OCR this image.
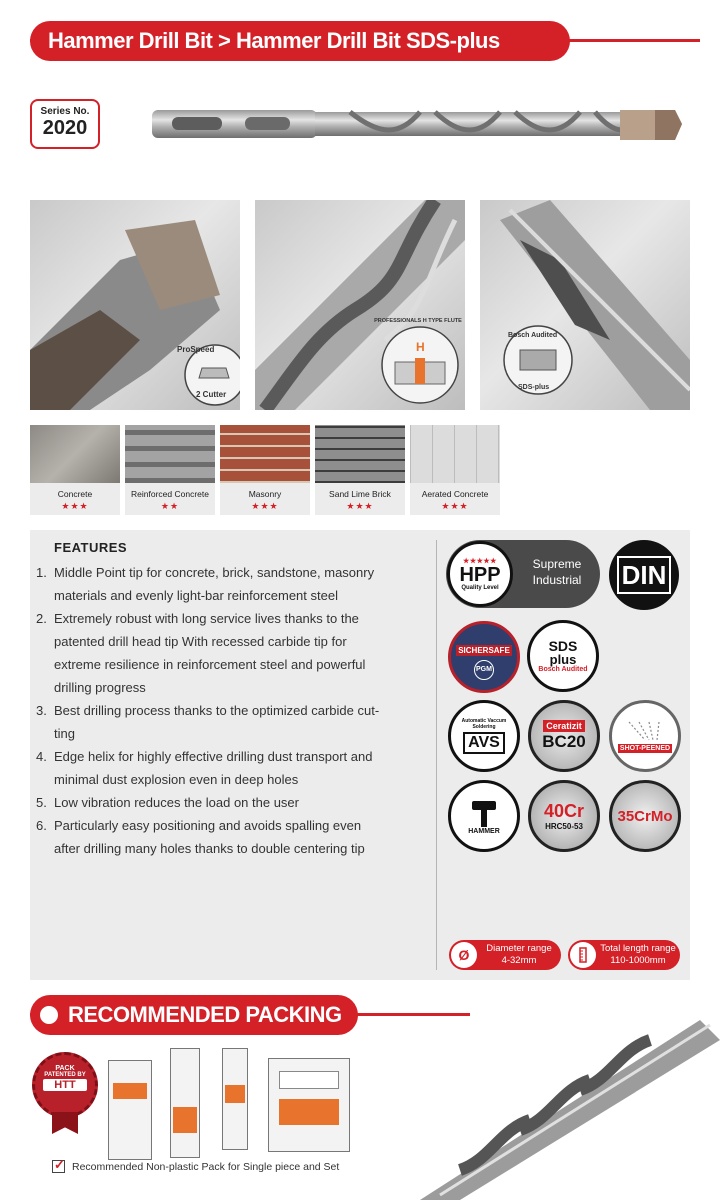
Hammer Drill Bit > Hammer Drill Bit SDS-plus
Series No.
2020
ProSpeed
2 Cutter
H
PROFESSIONALS H TYPE FLUTE
Bosch Audited
SDS-plus
Concrete
★★★
Reinforced Concrete
★★
Masonry
★★★
Sand Lime Brick
★★★
Aerated Concrete
★★★
FEATURES
1. Middle Point tip for concrete, brick, sandstone, masonry
materials and evenly light-bar reinforcement steel
2. Extremely robust with long service lives thanks to the
patented drill head tip With recessed carbide tip for
extreme resilience in reinforcement steel and powerful
drilling progress
3. Best drilling process thanks to the optimized carbide cut-
ting
4. Edge helix for highly effective drilling dust transport and
minimal dust explosion even in deep holes
5. Low vibration reduces the load on the user
6. Particularly easy positioning and avoids spalling even
after drilling many holes thanks to double centering tip
★★★★★
HPP
Quality Level
Supreme Industrial	DIN
SICHERSAFE
PGM
SDS
plus
Bosch Audited
Automatic Vaccum Soldering
AVS
Ceratizit
BC20	SHOT-PEENED
HAMMER
40Cr
HRC50-53
35CrMo
Ø	Diameter range
4-32mm
Total length range
110-1000mm
RECOMMENDED PACKING
PACK
PATENTED BY
HTT
✓ Recommended Non-plastic Pack for Single piece and Set
